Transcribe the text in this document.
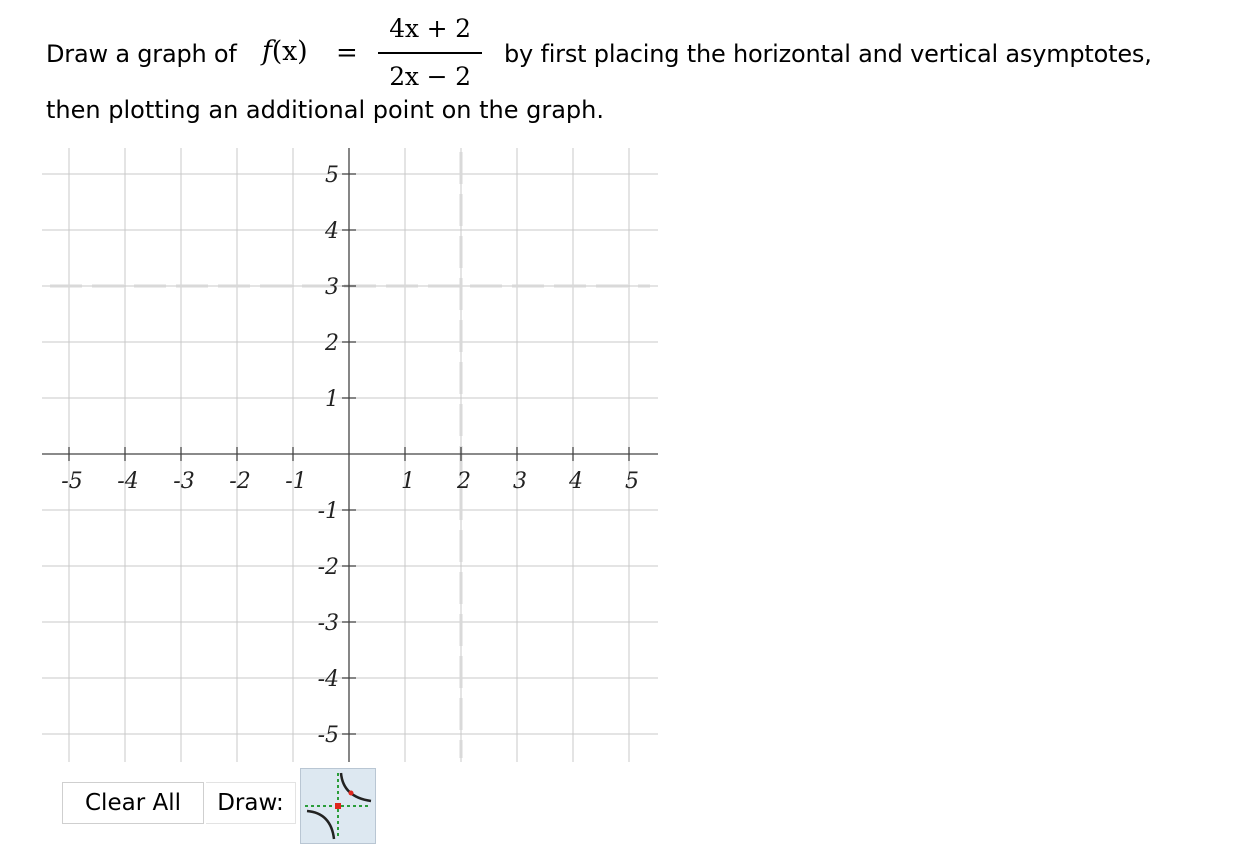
Draw a graph of f(x) =
4x + 2
2x − 2
by first placing the horizontal and vertical asymptotes,
then plotting an additional point on the graph.
-5 -4 -3 -2 -1	1 2 3 4 5
5
4
3
2
1
-1
-2
-3
-4
-5
Clear All	Draw:
